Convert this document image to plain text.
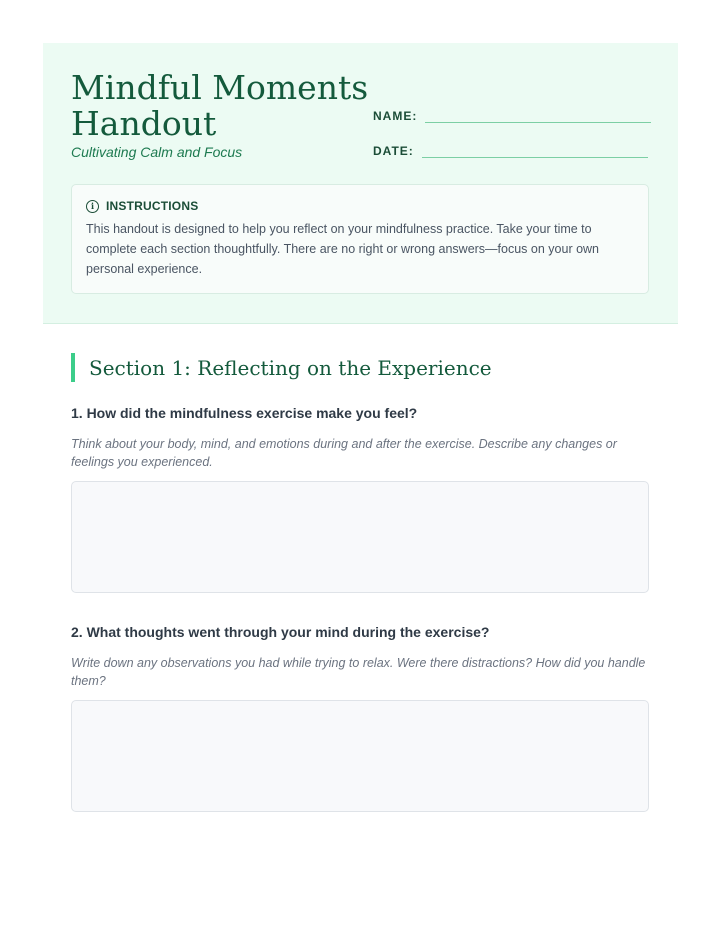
Mindful Moments Handout

Cultivating Calm and Focus

NAME:
DATE:
i INSTRUCTIONS

This handout is designed to help you reflect on your mindfulness practice. Take your time to complete each section thoughtfully. There are no right or wrong answers—focus on your own personal experience.

Section 1: Reflecting on the Experience

1. How did the mindfulness exercise make you feel?

Think about your body, mind, and emotions during and after the exercise. Describe any changes or feelings you experienced.

2. What thoughts went through your mind during the exercise?

Write down any observations you had while trying to relax. Were there distractions? How did you handle them?
